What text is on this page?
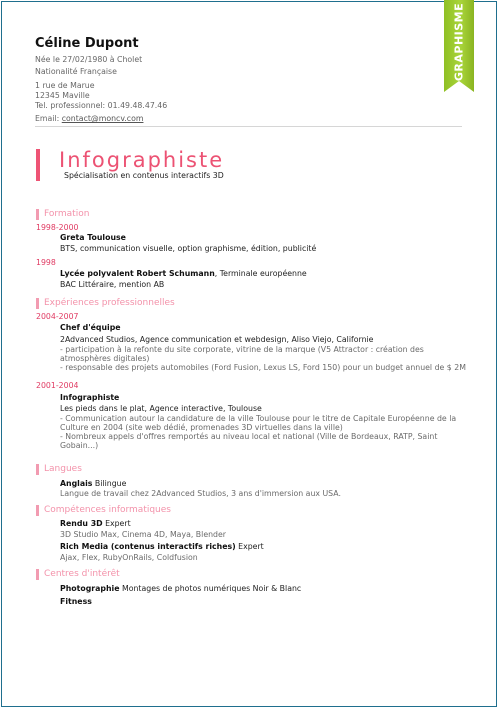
GRAPHISME
Céline Dupont
Née le 27/02/1980 à Cholet
Nationalité Française
1 rue de Marue
12345 Maville
Tel. professionnel: 01.49.48.47.46
Email: contact@moncv.com
Infographiste
Spécialisation en contenus interactifs 3D
Formation
1998-2000
Greta Toulouse
BTS, communication visuelle, option graphisme, édition, publicité
1998
Lycée polyvalent Robert Schumann, Terminale européenne
BAC Littéraire, mention AB
Expériences professionnelles
2004-2007
Chef d'équipe
2Advanced Studios, Agence communication et webdesign, Aliso Viejo, Californie
- participation à la refonte du site corporate, vitrine de la marque (V5 Attractor : création des
atmosphères digitales)
- responsable des projets automobiles (Ford Fusion, Lexus LS, Ford 150) pour un budget annuel de $ 2M
2001-2004
Infographiste
Les pieds dans le plat, Agence interactive, Toulouse
- Communication autour la candidature de la ville Toulouse pour le titre de Capitale Européenne de la
Culture en 2004 (site web dédié, promenades 3D virtuelles dans la ville)
- Nombreux appels d'offres remportés au niveau local et national (Ville de Bordeaux, RATP, Saint
Gobain...)
Langues
Anglais Bilingue
Langue de travail chez 2Advanced Studios, 3 ans d'immersion aux USA.
Compétences informatiques
Rendu 3D Expert
3D Studio Max, Cinema 4D, Maya, Blender
Rich Media (contenus interactifs riches) Expert
Ajax, Flex, RubyOnRails, Coldfusion
Centres d'intérêt
Photographie Montages de photos numériques Noir & Blanc
Fitness
